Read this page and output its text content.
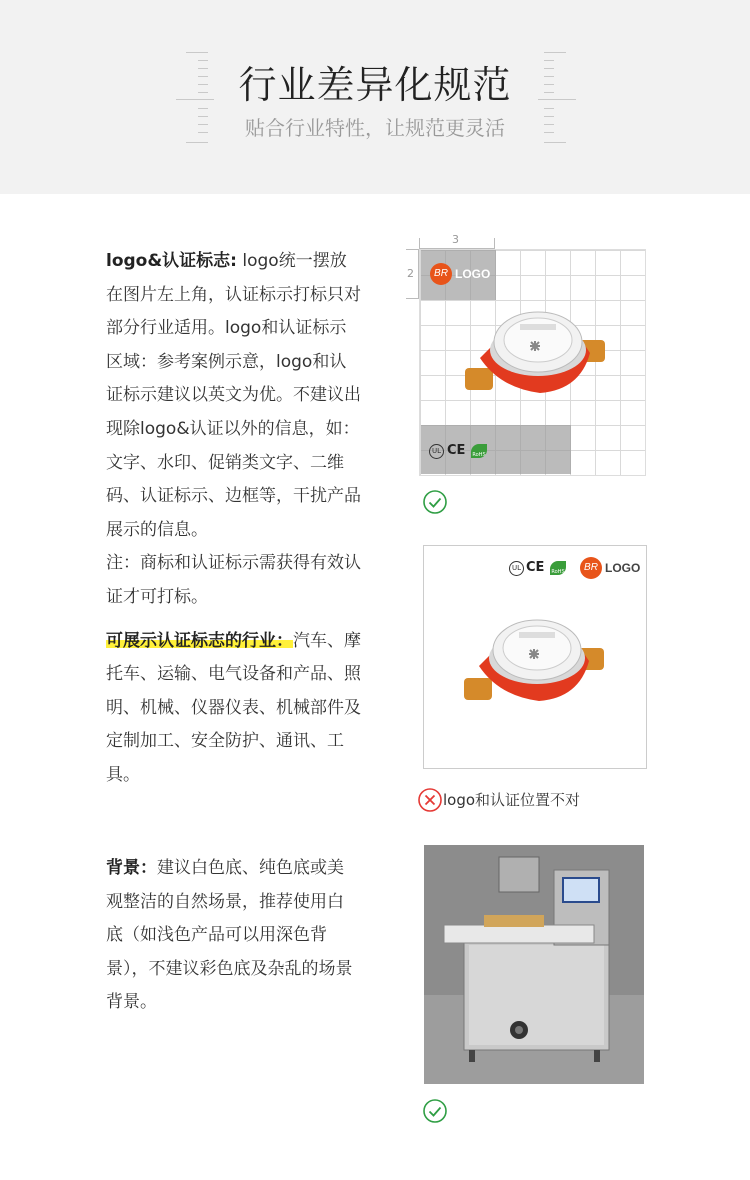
行业差异化规范
贴合行业特性，让规范更灵活
logo&认证标志: logo统一摆放在图片左上角，认证标示打标只对部分行业适用。logo和认证标示区域：参考案例示意，logo和认证标示建议以英文为优。不建议出现除logo&认证以外的信息，如：文字、水印、促销类文字、二维码、认证标示、边框等，干扰产品展示的信息。
注：商标和认证标示需获得有效认证才可打标。
可展示认证标志的行业：汽车、摩托车、运输、电气设备和产品、照明、机械、仪器仪表、机械部件及定制加工、安全防护、通讯、工具。
背景：建议白色底、纯色底或美观整洁的自然场景，推荐使用白底（如浅色产品可以用深色背景），不建议彩色底及杂乱的场景背景。
3
2	BR LOGO
UL CE RoHS
UL CE RoHS	BR LOGO
logo和认证位置不对
